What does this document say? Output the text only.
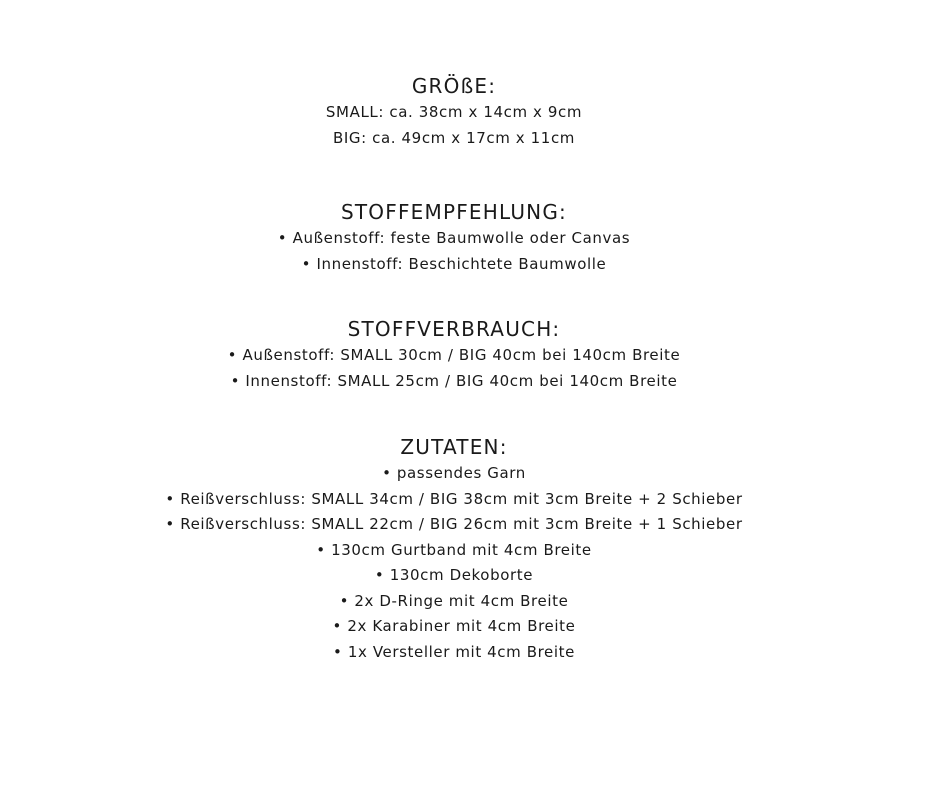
GRÖßE:
SMALL: ca. 38cm x 14cm x 9cm
BIG: ca. 49cm x 17cm x 11cm
STOFFEMPFEHLUNG:
• Außenstoff: feste Baumwolle oder Canvas
• Innenstoff: Beschichtete Baumwolle
STOFFVERBRAUCH:
• Außenstoff: SMALL 30cm / BIG 40cm bei 140cm Breite
• Innenstoff: SMALL 25cm / BIG 40cm bei 140cm Breite
ZUTATEN:
• passendes Garn
• Reißverschluss: SMALL 34cm / BIG 38cm mit 3cm Breite + 2 Schieber
• Reißverschluss: SMALL 22cm / BIG 26cm mit 3cm Breite + 1 Schieber
• 130cm Gurtband mit 4cm Breite
• 130cm Dekoborte
• 2x D-Ringe mit 4cm Breite
• 2x Karabiner mit 4cm Breite
• 1x Versteller mit 4cm Breite
